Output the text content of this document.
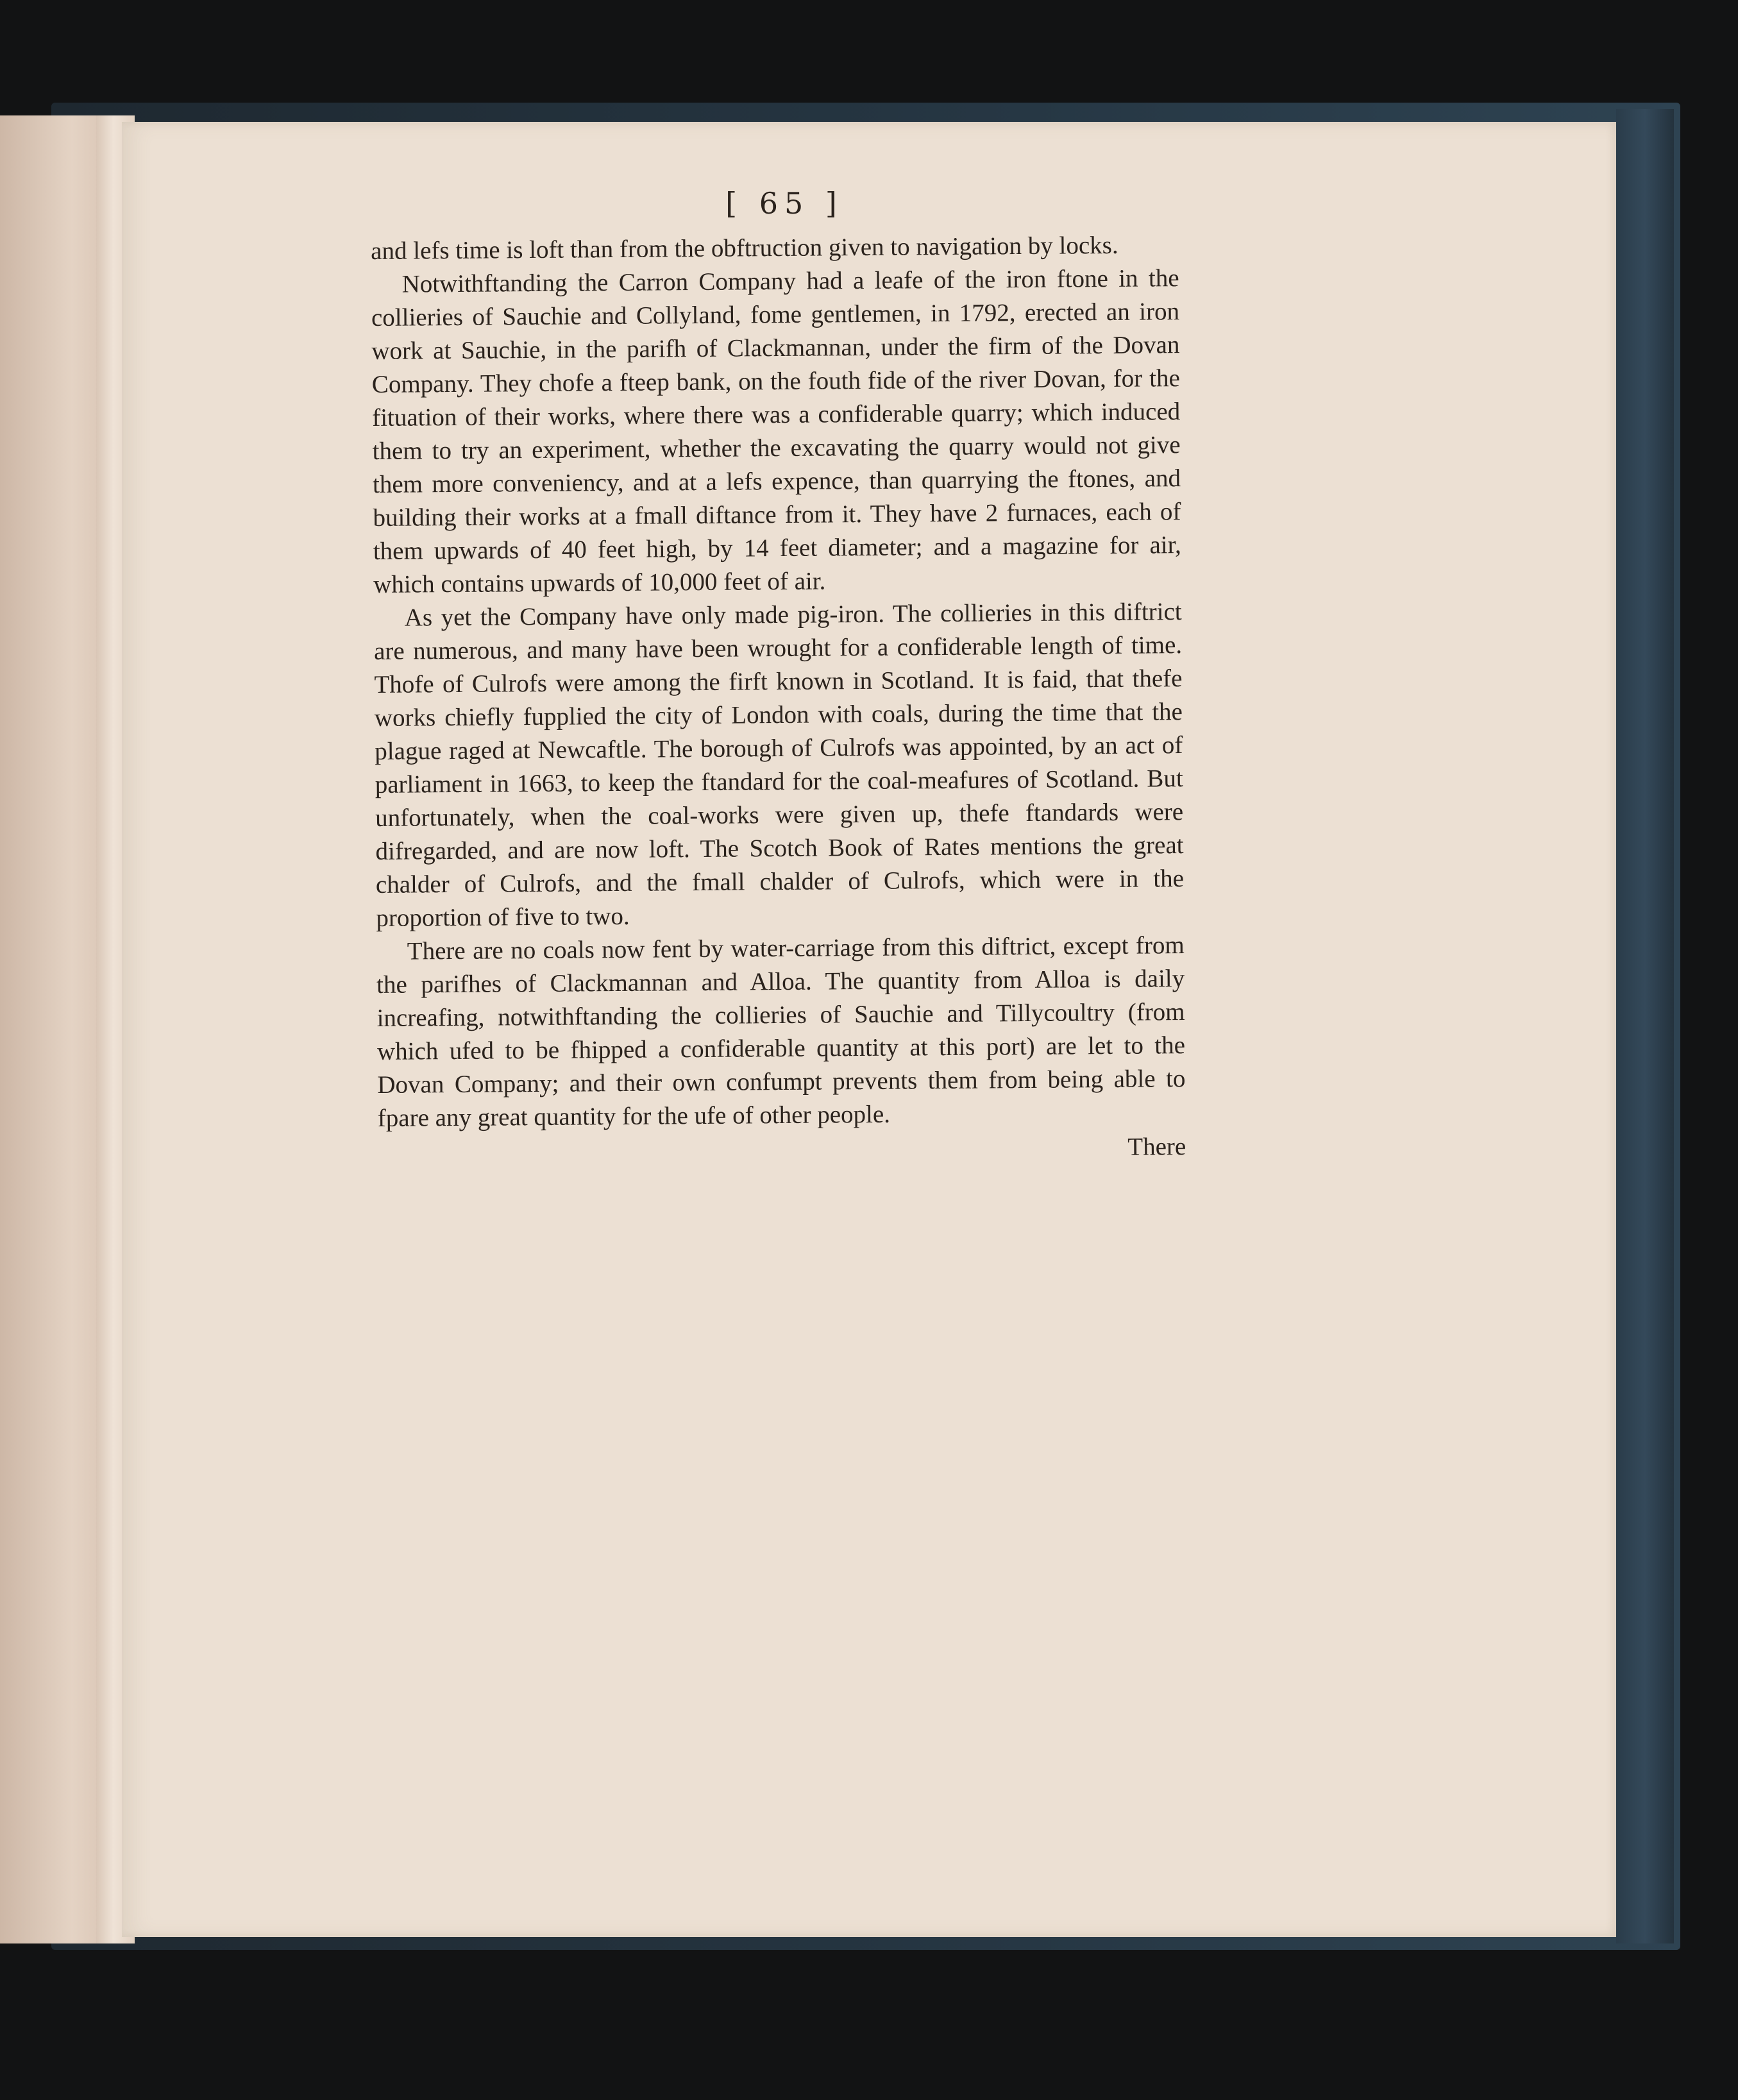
[ 65 ]

and lefs time is loft than from the obftruction given to navigation by locks.

Notwithftanding the Carron Company had a leafe of the iron ftone in the collieries of Sauchie and Collyland, fome gentlemen, in 1792, erected an iron work at Sauchie, in the parifh of Clackmannan, under the firm of the Dovan Company. They chofe a fteep bank, on the fouth fide of the river Dovan, for the fituation of their works, where there was a confiderable quarry; which induced them to try an experiment, whether the excavating the quarry would not give them more conveniency, and at a lefs expence, than quarrying the ftones, and building their works at a fmall diftance from it. They have 2 furnaces, each of them upwards of 40 feet high, by 14 feet diameter; and a magazine for air, which contains upwards of 10,000 feet of air.

As yet the Company have only made pig-iron. The collieries in this diftrict are numerous, and many have been wrought for a confiderable length of time. Thofe of Culrofs were among the firft known in Scotland. It is faid, that thefe works chiefly fupplied the city of London with coals, during the time that the plague raged at Newcaftle. The borough of Culrofs was appointed, by an act of parliament in 1663, to keep the ftandard for the coal-meafures of Scotland. But unfortunately, when the coal-works were given up, thefe ftandards were difregarded, and are now loft. The Scotch Book of Rates mentions the great chalder of Culrofs, and the fmall chalder of Culrofs, which were in the proportion of five to two.

There are no coals now fent by water-carriage from this diftrict, except from the parifhes of Clackmannan and Alloa. The quantity from Alloa is daily increafing, notwithftanding the collieries of Sauchie and Tillycoultry (from which ufed to be fhipped a confiderable quantity at this port) are let to the Dovan Company; and their own confumpt prevents them from being able to fpare any great quantity for the ufe of other people.

There
